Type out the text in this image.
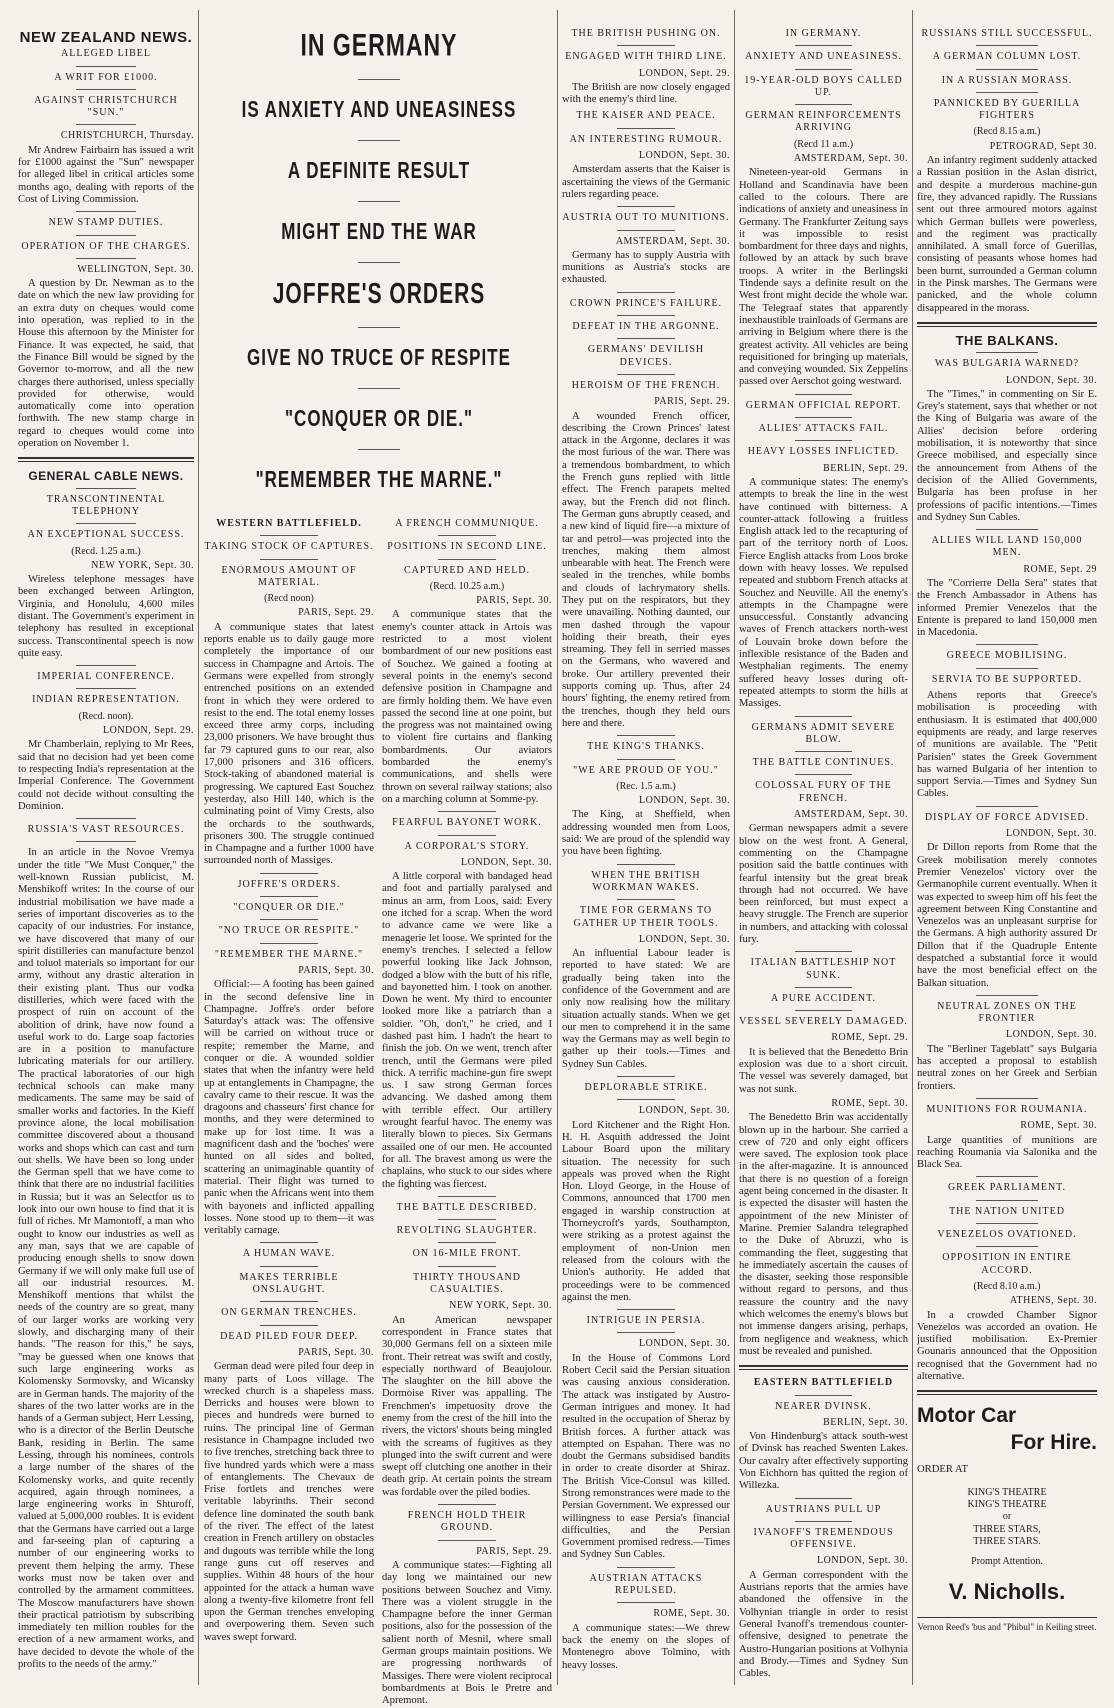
NEW ZEALAND NEWS.
ALLEGED LIBEL
A WRIT FOR £1000.
AGAINST CHRISTCHURCH "SUN."
CHRISTCHURCH, Thursday.

Mr Andrew Fairbairn has issued a writ for £1000 against the "Sun" newspaper for alleged libel in critical articles some months ago, dealing with reports of the Cost of Living Commission.

NEW STAMP DUTIES.
OPERATION OF THE CHARGES.
WELLINGTON, Sept. 30.

A question by Dr. Newman as to the date on which the new law providing for an extra duty on cheques would come into operation, was replied to in the House this afternoon by the Minister for Finance. It was expected, he said, that the Finance Bill would be signed by the Governor to-morrow, and all the new charges there authorised, unless specially provided for otherwise, would automatically come into operation forthwith. The new stamp charge in regard to cheques would come into operation on November 1.

GENERAL CABLE NEWS.
TRANSCONTINENTAL TELEPHONY
AN EXCEPTIONAL SUCCESS.
(Recd. 1.25 a.m.)
NEW YORK, Sept. 30.

Wireless telephone messages have been exchanged between Arlington, Virginia, and Honolulu, 4,600 miles distant. The Government's experiment in telephony has resulted in exceptional success. Transcontinental speech is now quite easy.

IMPERIAL CONFERENCE.
INDIAN REPRESENTATION.
(Recd. noon).
LONDON, Sept. 29.

Mr Chamberlain, replying to Mr Rees, said that no decision had yet been come to respecting India's representation at the Imperial Conference. The Government could not decide without consulting the Dominion.

RUSSIA'S VAST RESOURCES.

In an article in the Novoe Vremya under the title "We Must Conquer," the well-known Russian publicist, M. Menshikoff writes: In the course of our industrial mobilisation we have made a series of important discoveries as to the capacity of our industries. For instance, we have discovered that many of our spirit distilleries can manufacture benzol and toluol materials so important for our army, without any drastic alteration in their existing plant. Thus our vodka distilleries, which were faced with the prospect of ruin on account of the abolition of drink, have now found a useful work to do. Large soap factories are in a position to manufacture lubricating materials for our artillery. The practical laboratories of our high technical schools can make many medicaments. The same may be said of smaller works and factories. In the Kieff province alone, the local mobilisation committee discovered about a thousand works and shops which can cast and turn out shells. We have been so long under the German spell that we have come to think that there are no industrial facilities in Russia; but it was an Selectfor us to look into our own house to find that it is full of riches. Mr Mamontoff, a man who ought to know our industries as well as any man, says that we are capable of producing enough shells to snow down Germany if we will only make full use of all our industrial resources. M. Menshikoff mentions that whilst the needs of the country are so great, many of our larger works are working very slowly, and discharging many of their hands. "The reason for this," he says, "may be guessed when one knows that such large engineering works as Kolomensky Sormovsky, and Wicansky are in German hands. The majority of the shares of the two latter works are in the hands of a German subject, Herr Lessing, who is a director of the Berlin Deutsche Bank, residing in Berlin. The same Lessing, through his nominees, controls a large number of the shares of the Kolomensky works, and quite recently acquired, again through nominees, a large engineering works in Shturoff, valued at 5,000,000 roubles. It is evident that the Germans have carried out a large and far-seeing plan of capturing a number of our engineering works to prevent them helping the army. These works must now be taken over and controlled by the armament committees. The Moscow manufacturers have shown their practical patriotism by subscribing immediately ten million roubles for the erection of a new armament works, and have decided to devote the whole of the profits to the needs of the army."

IN GERMANY
IS ANXIETY AND UNEASINESS
A DEFINITE RESULT
MIGHT END THE WAR
JOFFRE'S ORDERS
GIVE NO TRUCE OF RESPITE
"CONQUER OR DIE."
"REMEMBER THE MARNE."
WESTERN BATTLEFIELD.
TAKING STOCK OF CAPTURES.
ENORMOUS AMOUNT OF MATERIAL.
(Recd noon)
PARIS, Sept. 29.

A communique states that latest reports enable us to daily gauge more completely the importance of our success in Champagne and Artois. The Germans were expelled from strongly entrenched positions on an extended front in which they were ordered to resist to the end. The total enemy losses exceed three army corps, including 23,000 prisoners. We have brought thus far 79 captured guns to our rear, also 17,000 prisoners and 316 officers. Stock-taking of abandoned material is progressing. We captured East Souchez yesterday, also Hill 140, which is the culminating point of Vimy Crests, also the orchards to the southwards, prisoners 300. The struggle continued in Champagne and a further 1000 have surrounded north of Massiges.

JOFFRE'S ORDERS.
"CONQUER OR DIE."
"NO TRUCE OR RESPITE."
"REMEMBER THE MARNE."
PARIS, Sept. 30.

Official:— A footing has been gained in the second defensive line in Champagne. Joffre's order before Saturday's attack was: The offensive will be carried on without truce or respite; remember the Marne, and conquer or die. A wounded soldier states that when the infantry were held up at entanglements in Champagne, the cavalry came to their rescue. It was the dragoons and chasseurs' first chance for months, and they were determined to make up for lost time. It was a magnificent dash and the 'boches' were hunted on all sides and bolted, scattering an unimaginable quantity of material. Their flight was turned to panic when the Africans went into them with bayonets and inflicted appalling losses. None stood up to them—it was veritably carnage.

A HUMAN WAVE.
MAKES TERRIBLE ONSLAUGHT.
ON GERMAN TRENCHES.
DEAD PILED FOUR DEEP.
PARIS, Sept. 30.

German dead were piled four deep in many parts of Loos village. The wrecked church is a shapeless mass. Derricks and houses were blown to pieces and hundreds were burned to ruins. The principal line of German resistance in Champagne included two to five trenches, stretching back three to five hundred yards which were a mass of entanglements. The Chevaux de Frise fortlets and trenches were veritable labyrinths. Their second defence line dominated the south bank of the river. The effect of the latest creation in French artillery on obstacles and dugouts was terrible while the long range guns cut off reserves and supplies. Within 48 hours of the hour appointed for the attack a human wave along a twenty-five kilometre front fell upon the German trenches enveloping and overpowering them. Seven such waves swept forward.

A FRENCH COMMUNIQUE.
POSITIONS IN SECOND LINE.
CAPTURED AND HELD.
(Recd. 10.25 a.m.)
PARIS, Sept. 30.

A communique states that the enemy's counter attack in Artois was restricted to a most violent bombardment of our new positions east of Souchez. We gained a footing at several points in the enemy's second defensive position in Champagne and are firmly holding them. We have even passed the second line at one point, but the progress was not maintained owing to violent fire curtains and flanking bombardments. Our aviators bombarded the enemy's communications, and shells were thrown on several railway stations; also on a marching column at Somme-py.

FEARFUL BAYONET WORK.
A CORPORAL'S STORY.
LONDON, Sept. 30.

A little corporal with bandaged head and foot and partially paralysed and minus an arm, from Loos, said: Every one itched for a scrap. When the word to advance came we were like a menagerie let loose. We sprinted for the enemy's trenches. I selected a fellow powerful looking like Jack Johnson, dodged a blow with the butt of his rifle, and bayonetted him. I took on another. Down he went. My third to encounter looked more like a patriarch than a soldier. "Oh, don't," he cried, and I dashed past him. I hadn't the heart to finish the job. On we went, trench after trench, until the Germans were piled thick. A terrific machine-gun fire swept us. I saw strong German forces advancing. We dashed among them with terrible effect. Our artillery wrought fearful havoc. The enemy was literally blown to pieces. Six Germans assailed one of our men. He accounted for all. The bravest among us were the chaplains, who stuck to our sides where the fighting was fiercest.

THE BATTLE DESCRIBED.
REVOLTING SLAUGHTER.
ON 16-MILE FRONT.
THIRTY THOUSAND CASUALTIES.
NEW YORK, Sept. 30.

An American newspaper correspondent in France states that 30,000 Germans fell on a sixteen mile front. Their retreat was swift and costly, especially northward of Beaujolour. The slaughter on the hill above the Dormoise River was appalling. The Frenchmen's impetuosity drove the enemy from the crest of the hill into the rivers, the victors' shouts being mingled with the screams of fugitives as they plunged into the swift current and were swept off clutching one another in their death grip. At certain points the stream was fordable over the piled bodies.

FRENCH HOLD THEIR GROUND.
PARIS, Sept. 29.

A communique states:—Fighting all day long we maintained our new positions between Souchez and Vimy. There was a violent struggle in the Champagne before the inner German positions, also for the possession of the salient north of Mesnil, where small German groups maintain positions. We are progressing northwards of Massiges. There were violent reciprocal bombardments at Bois le Pretre and Apremont.

THE BRITISH PUSHING ON.
ENGAGED WITH THIRD LINE.
LONDON, Sept. 29.

The British are now closely engaged with the enemy's third line.

THE KAISER AND PEACE.
AN INTERESTING RUMOUR.
LONDON, Sept. 30.

Amsterdam asserts that the Kaiser is ascertaining the views of the Germanic rulers regarding peace.

AUSTRIA OUT TO MUNITIONS.
AMSTERDAM, Sept. 30.

Germany has to supply Austria with munitions as Austria's stocks are exhausted.

CROWN PRINCE'S FAILURE.
DEFEAT IN THE ARGONNE.
GERMANS' DEVILISH DEVICES.
HEROISM OF THE FRENCH.
PARIS, Sept. 29.

A wounded French officer, describing the Crown Princes' latest attack in the Argonne, declares it was the most furious of the war. There was a tremendous bombardment, to which the French guns replied with little effect. The French parapets melted away, but the French did not flinch. The German guns abruptly ceased, and a new kind of liquid fire—a mixture of tar and petrol—was projected into the trenches, making them almost unbearable with heat. The French were sealed in the trenches, while bombs and clouds of lachrymatory shells. They put on the respirators, but they were unavailing. Nothing daunted, our men dashed through the vapour holding their breath, their eyes streaming. They fell in serried masses on the Germans, who wavered and broke. Our artillery prevented their supports coming up. Thus, after 24 hours' fighting, the enemy retired from the trenches, though they held ours here and there.

THE KING'S THANKS.
"WE ARE PROUD OF YOU."
(Rec. 1.5 a.m.)
LONDON, Sept. 30.

The King, at Sheffield, when addressing wounded men from Loos, said: We are proud of the splendid way you have been fighting.

WHEN THE BRITISH WORKMAN WAKES.
TIME FOR GERMANS TO GATHER UP THEIR TOOLS.
LONDON, Sept. 30.

An influential Labour leader is reported to have stated: We are gradually being taken into the confidence of the Government and are only now realising how the military situation actually stands. When we get our men to comprehend it in the same way the Germans may as well begin to gather up their tools.—Times and Sydney Sun Cables.

DEPLORABLE STRIKE.
LONDON, Sept. 30.

Lord Kitchener and the Right Hon. H. H. Asquith addressed the Joint Labour Board upon the military situation. The necessity for such appeals was proved when the Right Hon. Lloyd George, in the House of Commons, announced that 1700 men engaged in warship construction at Thorneycroft's yards, Southampton, were striking as a protest against the employment of non-Union men released from the colours with the Union's authority. He added that proceedings were to be commenced against the men.

INTRIGUE IN PERSIA.
LONDON, Sept. 30.

In the House of Commons Lord Robert Cecil said the Persian situation was causing anxious consideration. The attack was instigated by Austro-German intrigues and money. It had resulted in the occupation of Sheraz by British forces. A further attack was attempted on Espahan. There was no doubt the Germans subsidised bandits in order to create disorder at Shiraz. The British Vice-Consul was killed. Strong remonstrances were made to the Persian Government. We expressed our willingness to ease Persia's financial difficulties, and the Persian Government promised redress.—Times and Sydney Sun Cables.

AUSTRIAN ATTACKS REPULSED.
ROME, Sept. 30.

A communique states:—We threw back the enemy on the slopes of Montenegro above Tolmino, with heavy losses.

IN GERMANY.
ANXIETY AND UNEASINESS.
19-YEAR-OLD BOYS CALLED UP.
GERMAN REINFORCEMENTS ARRIVING
(Recd 11 a.m.)
AMSTERDAM, Sept. 30.

Nineteen-year-old Germans in Holland and Scandinavia have been called to the colours. There are indications of anxiety and uneasiness in Germany. The Frankfurter Zeitung says it was impossible to resist bombardment for three days and nights, followed by an attack by such brave troops. A writer in the Berlingski Tindende says a definite result on the West front might decide the whole war. The Telegraaf states that apparently inexhaustible trainloads of Germans are arriving in Belgium where there is the greatest activity. All vehicles are being requisitioned for bringing up materials, and conveying wounded. Six Zeppelins passed over Aerschot going westward.

GERMAN OFFICIAL REPORT.
ALLIES' ATTACKS FAIL.
HEAVY LOSSES INFLICTED.
BERLIN, Sept. 29.

A communique states: The enemy's attempts to break the line in the west have continued with bitterness. A counter-attack following a fruitless English attack led to the recapturing of part of the territory north of Loos. Fierce English attacks from Loos broke down with heavy losses. We repulsed repeated and stubborn French attacks at Souchez and Neuville. All the enemy's attempts in the Champagne were unsuccessful. Constantly advancing waves of French attackers north-west of Louvain broke down before the inflexible resistance of the Baden and Westphalian regiments. The enemy suffered heavy losses during oft-repeated attempts to storm the hills at Massiges.

GERMANS ADMIT SEVERE BLOW.
THE BATTLE CONTINUES.
COLOSSAL FURY OF THE FRENCH.
AMSTERDAM, Sept. 30.

German newspapers admit a severe blow on the west front. A General, commenting on the Champagne position said the battle continues with fearful intensity but the great break through had not occurred. We have been reinforced, but must expect a heavy struggle. The French are superior in numbers, and attacking with colossal fury.

ITALIAN BATTLESHIP NOT SUNK.
A PURE ACCIDENT.
VESSEL SEVERELY DAMAGED.
ROME, Sept. 29.

It is believed that the Benedetto Brin explosion was due to a short circuit. The vessel was severely damaged, but was not sunk.

ROME, Sept. 30.

The Benedetto Brin was accidentally blown up in the harbour. She carried a crew of 720 and only eight officers were saved. The explosion took place in the after-magazine. It is announced that there is no question of a foreign agent being concerned in the disaster. It is expected the disaster will hasten the appointment of the new Minister of Marine. Premier Salandra telegraphed to the Duke of Abruzzi, who is commanding the fleet, suggesting that he immediately ascertain the causes of the disaster, seeking those responsible without regard to persons, and thus reassure the country and the navy which welcomes the enemy's blows but not immense dangers arising, perhaps, from negligence and weakness, which must be revealed and punished.

EASTERN BATTLEFIELD
NEARER DVINSK.
BERLIN, Sept. 30.

Von Hindenburg's attack south-west of Dvinsk has reached Swenten Lakes. Our cavalry after effectively supporting Von Eichhorn has quitted the region of Willezka.

AUSTRIANS PULL UP
IVANOFF'S TREMENDOUS OFFENSIVE.
LONDON, Sept. 30.

A German correspondent with the Austrians reports that the armies have abandoned the offensive in the Volhynian triangle in order to resist General Ivanoff's tremendous counter-offensive, designed to penetrate the Austro-Hungarian positions at Volhynia and Brody.—Times and Sydney Sun Cables.

RUSSIANS STILL SUCCESSFUL.
A GERMAN COLUMN LOST.
IN A RUSSIAN MORASS.
PANNICKED BY GUERILLA FIGHTERS
(Recd 8.15 a.m.)
PETROGRAD, Sept 30.

An infantry regiment suddenly attacked a Russian position in the Aslan district, and despite a murderous machine-gun fire, they advanced rapidly. The Russians sent out three armoured motors against which German bullets were powerless, and the regiment was practically annihilated. A small force of Guerillas, consisting of peasants whose homes had been burnt, surrounded a German column in the Pinsk marshes. The Germans were panicked, and the whole column disappeared in the morass.

THE BALKANS.
WAS BULGARIA WARNED?
LONDON, Sept. 30.

The "Times," in commenting on Sir E. Grey's statement, says that whether or not the King of Bulgaria was aware of the Allies' decision before ordering mobilisation, it is noteworthy that since Greece mobilised, and especially since the announcement from Athens of the decision of the Allied Governments, Bulgaria has been profuse in her professions of pacific intentions.—Times and Sydney Sun Cables.

ALLIES WILL LAND 150,000 MEN.
ROME, Sept. 29

The "Corrierre Della Sera" states that the French Ambassador in Athens has informed Premier Venezelos that the Entente is prepared to land 150,000 men in Macedonia.

GREECE MOBILISING.
SERVIA TO BE SUPPORTED.

Athens reports that Greece's mobilisation is proceeding with enthusiasm. It is estimated that 400,000 equipments are ready, and large reserves of munitions are available. The "Petit Parisien" states the Greek Government has warned Bulgaria of her intention to support Servia.—Times and Sydney Sun Cables.

DISPLAY OF FORCE ADVISED.
LONDON, Sept. 30.

Dr Dillon reports from Rome that the Greek mobilisation merely connotes Premier Venezelos' victory over the Germanophile current eventually. When it was expected to sweep him off his feet the agreement between King Constantine and Venezelos was an unpleasant surprise for the Germans. A high authority assured Dr Dillon that if the Quadruple Entente despatched a substantial force it would have the most beneficial effect on the Balkan situation.

NEUTRAL ZONES ON THE FRONTIER
LONDON, Sept. 30.

The "Berliner Tageblatt" says Bulgaria has accepted a proposal to establish neutral zones on her Greek and Serbian frontiers.

MUNITIONS FOR ROUMANIA.
ROME, Sept. 30.

Large quantities of munitions are reaching Roumania via Salonika and the Black Sea.

GREEK PARLIAMENT.
THE NATION UNITED
VENEZELOS OVATIONED.
OPPOSITION IN ENTIRE ACCORD.
(Recd 8.10 a.m.)
ATHENS, Sept. 30.

In a crowded Chamber Signor Venezelos was accorded an ovation. He justified mobilisation. Ex-Premier Gounaris announced that the Opposition recognised that the Government had no alternative.

Motor Car
For Hire.
ORDER AT
KING'S THEATRE
KING'S THEATRE
or
THREE STARS,
THREE STARS.
Prompt Attention.
V. Nicholls.
Vernon Reed's 'bus and "Phibul" in Keiling street.
